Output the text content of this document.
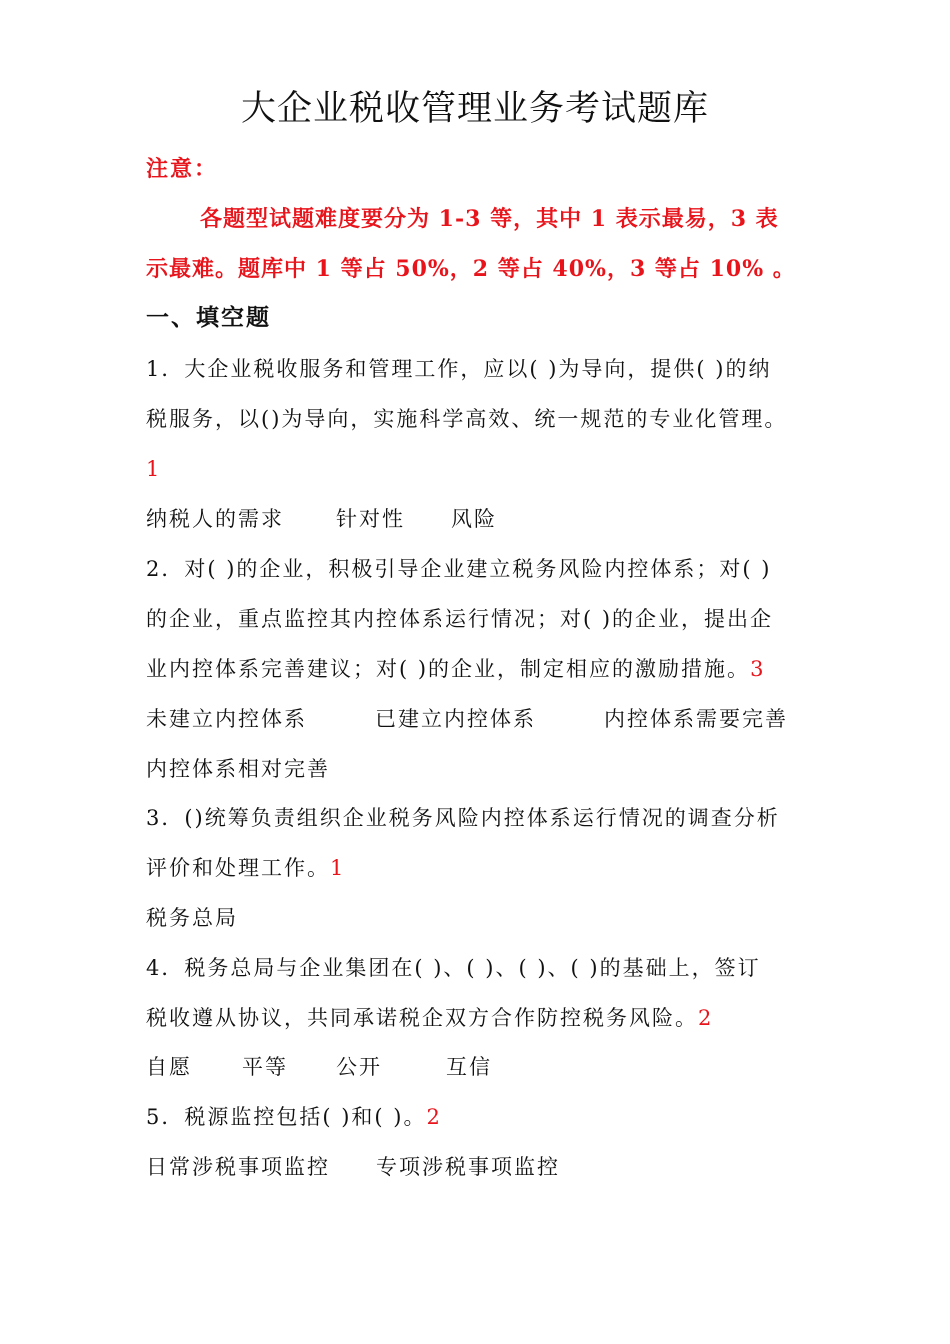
大企业税收管理业务考试题库
注意：
各题型试题难度要分为 1-3 等，其中 1 表示最易，3 表
示最难。题库中 1 等占 50%，2 等占 40%，3 等占 10% 。
一、填空题
1．大企业税收服务和管理工作，应以( )为导向，提供( )的纳
税服务，以()为导向，实施科学高效、统一规范的专业化管理。
1
纳税人的需求 针对性 风险
2．对( )的企业，积极引导企业建立税务风险内控体系；对( )
的企业，重点监控其内控体系运行情况；对( )的企业，提出企
业内控体系完善建议；对( )的企业，制定相应的激励措施。3
未建立内控体系	已建立内控体系	内控体系需要完善
内控体系相对完善
3．()统筹负责组织企业税务风险内控体系运行情况的调查分析
评价和处理工作。1
税务总局
4．税务总局与企业集团在( )、( )、( )、( )的基础上，签订
税收遵从协议，共同承诺税企双方合作防控税务风险。2
自愿 平等 公开	互信
5．税源监控包括( )和( )。2
日常涉税事项监控 专项涉税事项监控
